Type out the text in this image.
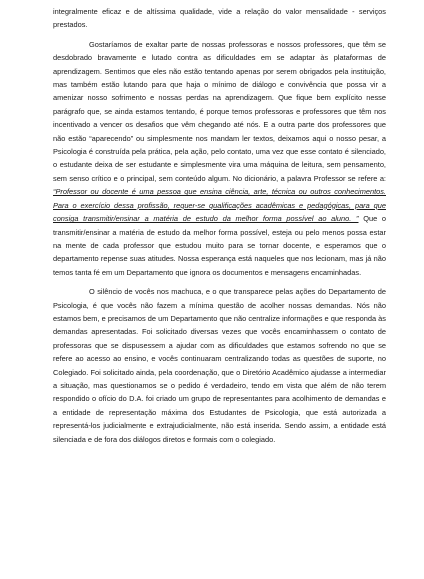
integralmente eficaz e de altíssima qualidade, vide a relação do valor mensalidade - serviços prestados.

Gostaríamos de exaltar parte de nossas professoras e nossos professores, que têm se desdobrado bravamente e lutado contra as dificuldades em se adaptar às plataformas de aprendizagem. Sentimos que eles não estão tentando apenas por serem obrigados pela instituição, mas também estão lutando para que haja o mínimo de diálogo e convivência que possa vir a amenizar nosso sofrimento e nossas perdas na aprendizagem. Que fique bem explícito nesse parágrafo que, se ainda estamos tentando, é porque temos professoras e professores que têm nos incentivado a vencer os desafios que vêm chegando até nós. E a outra parte dos professores que não estão “aparecendo” ou simplesmente nos mandam ler textos, deixamos aqui o nosso pesar, a Psicologia é construída pela prática, pela ação, pelo contato, uma vez que esse contato é silenciado, o estudante deixa de ser estudante e simplesmente vira uma máquina de leitura, sem pensamento, sem senso crítico e o principal, sem conteúdo algum. No dicionário, a palavra Professor se refere a: “Professor ou docente é uma pessoa que ensina ciência, arte, técnica ou outros conhecimentos. Para o exercício dessa profissão, requer-se qualificações acadêmicas e pedagógicas, para que consiga transmitir/ensinar a matéria de estudo da melhor forma possível ao aluno. ” Que o transmitir/ensinar a matéria de estudo da melhor forma possível, esteja ou pelo menos possa estar na mente de cada professor que estudou muito para se tornar docente, e esperamos que o departamento repense suas atitudes. Nossa esperança está naqueles que nos lecionam, mas já não temos tanta fé em um Departamento que ignora os documentos e mensagens encaminhadas.

O silêncio de vocês nos machuca, e o que transparece pelas ações do Departamento de Psicologia, é que vocês não fazem a mínima questão de acolher nossas demandas. Nós não estamos bem, e precisamos de um Departamento que não centralize informações e que responda às demandas apresentadas. Foi solicitado diversas vezes que vocês encaminhassem o contato de professoras que se dispusessem a ajudar com as dificuldades que estamos sofrendo no que se refere ao acesso ao ensino, e vocês continuaram centralizando todas as questões de suporte, no Colegiado. Foi solicitado ainda, pela coordenação, que o Diretório Acadêmico ajudasse a intermediar a situação, mas questionamos se o pedido é verdadeiro, tendo em vista que além de não terem respondido o ofício do D.A. foi criado um grupo de representantes para acolhimento de demandas e a entidade de representação máxima dos Estudantes de Psicologia, que está autorizada a representá-los judicialmente e extrajudicialmente, não está inserida. Sendo assim, a entidade está silenciada e de fora dos diálogos diretos e formais com o colegiado.
